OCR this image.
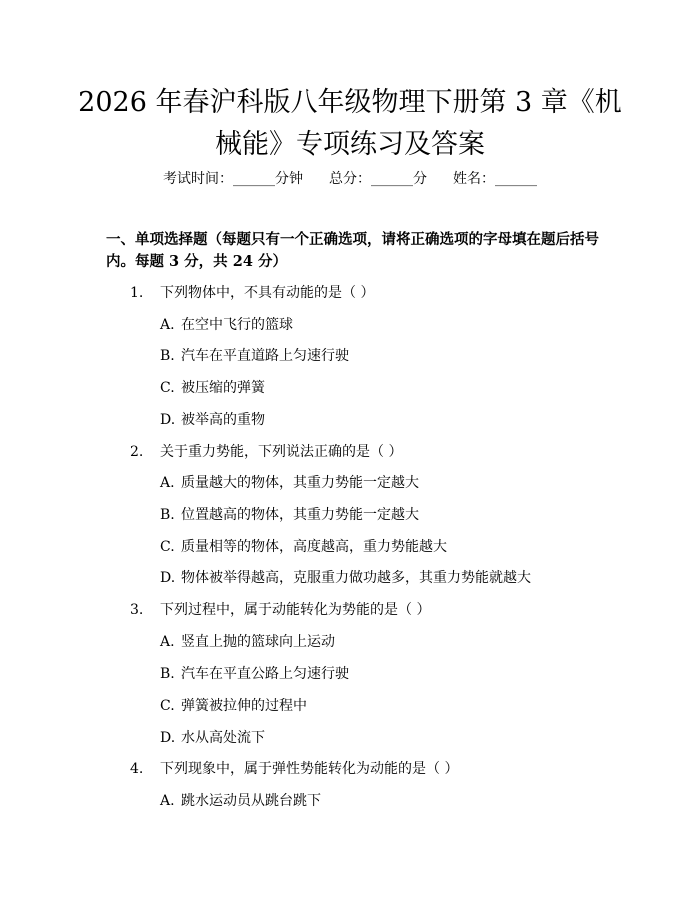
2026 年春沪科版八年级物理下册第 3 章《机
械能》专项练习及答案
考试时间：______分钟 总分：______分 姓名：______
一、单项选择题（每题只有一个正确选项，请将正确选项的字母填在题后括号
内。每题 3 分，共 24 分）
1. 下列物体中，不具有动能的是（ ）
A. 在空中飞行的篮球
B. 汽车在平直道路上匀速行驶
C. 被压缩的弹簧
D. 被举高的重物
2. 关于重力势能，下列说法正确的是（ ）
A. 质量越大的物体，其重力势能一定越大
B. 位置越高的物体，其重力势能一定越大
C. 质量相等的物体，高度越高，重力势能越大
D. 物体被举得越高，克服重力做功越多，其重力势能就越大
3. 下列过程中，属于动能转化为势能的是（ ）
A. 竖直上抛的篮球向上运动
B. 汽车在平直公路上匀速行驶
C. 弹簧被拉伸的过程中
D. 水从高处流下
4. 下列现象中，属于弹性势能转化为动能的是（ ）
A. 跳水运动员从跳台跳下
